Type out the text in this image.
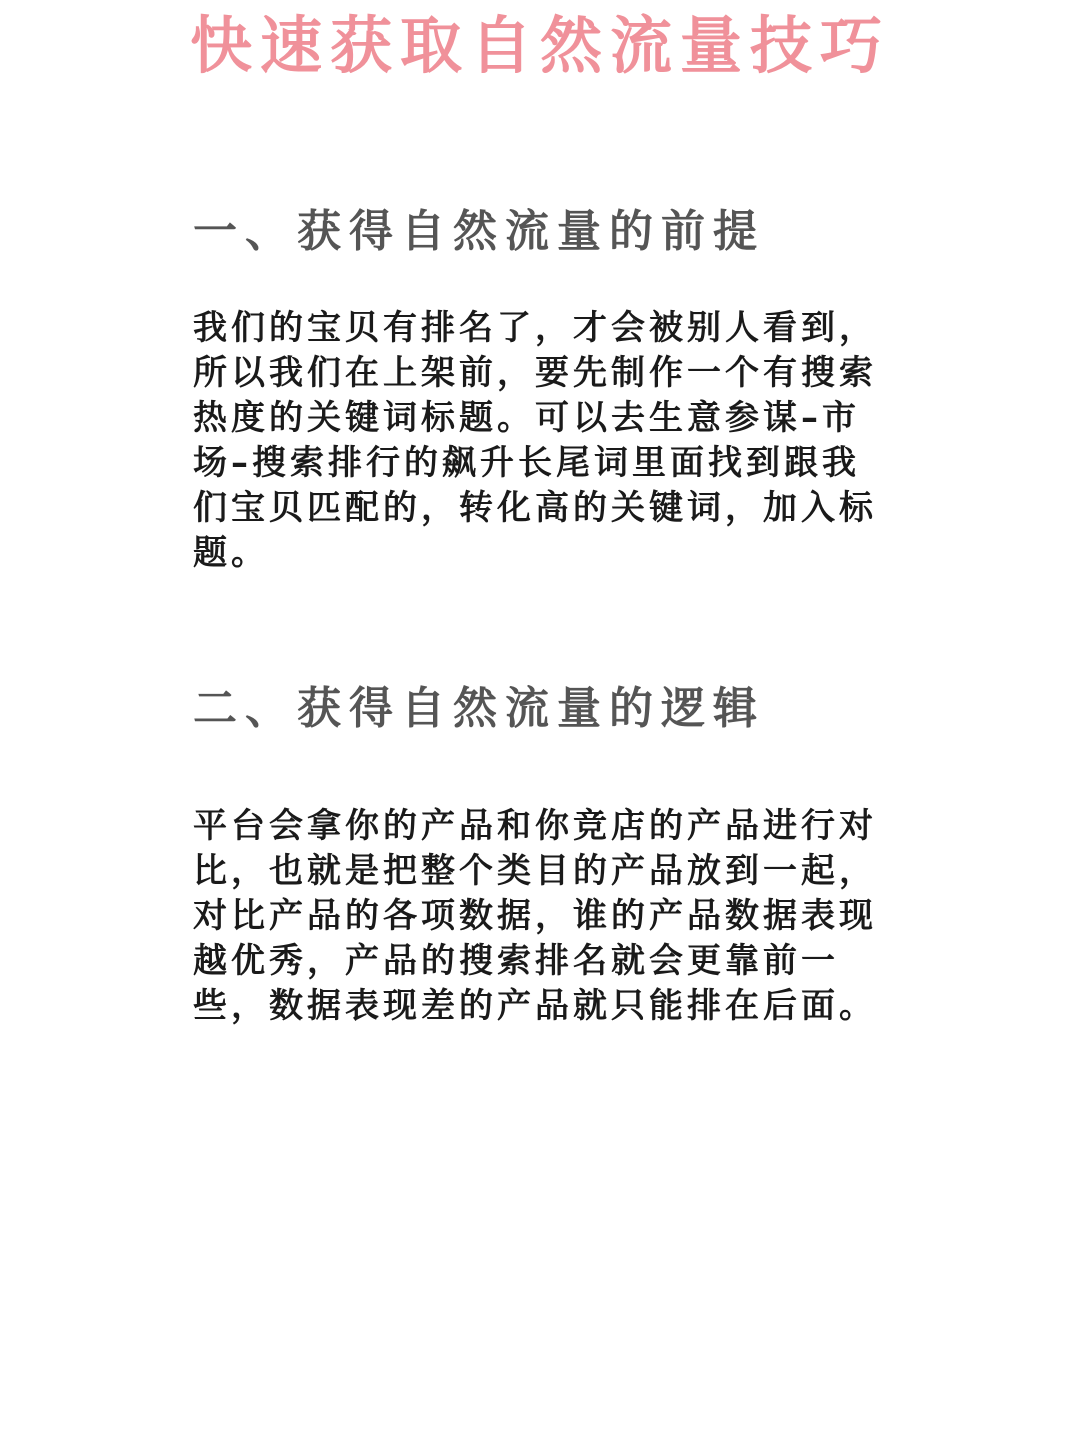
快速获取自然流量技巧
一、获得自然流量的前提
我们的宝贝有排名了，才会被别人看到，所以我们在上架前，要先制作一个有搜索热度的关键词标题。可以去生意参谋–市场–搜索排行的飙升长尾词里面找到跟我们宝贝匹配的，转化高的关键词，加入标题。
二、获得自然流量的逻辑
平台会拿你的产品和你竞店的产品进行对比，也就是把整个类目的产品放到一起，对比产品的各项数据，谁的产品数据表现越优秀，产品的搜索排名就会更靠前一些，数据表现差的产品就只能排在后面。
